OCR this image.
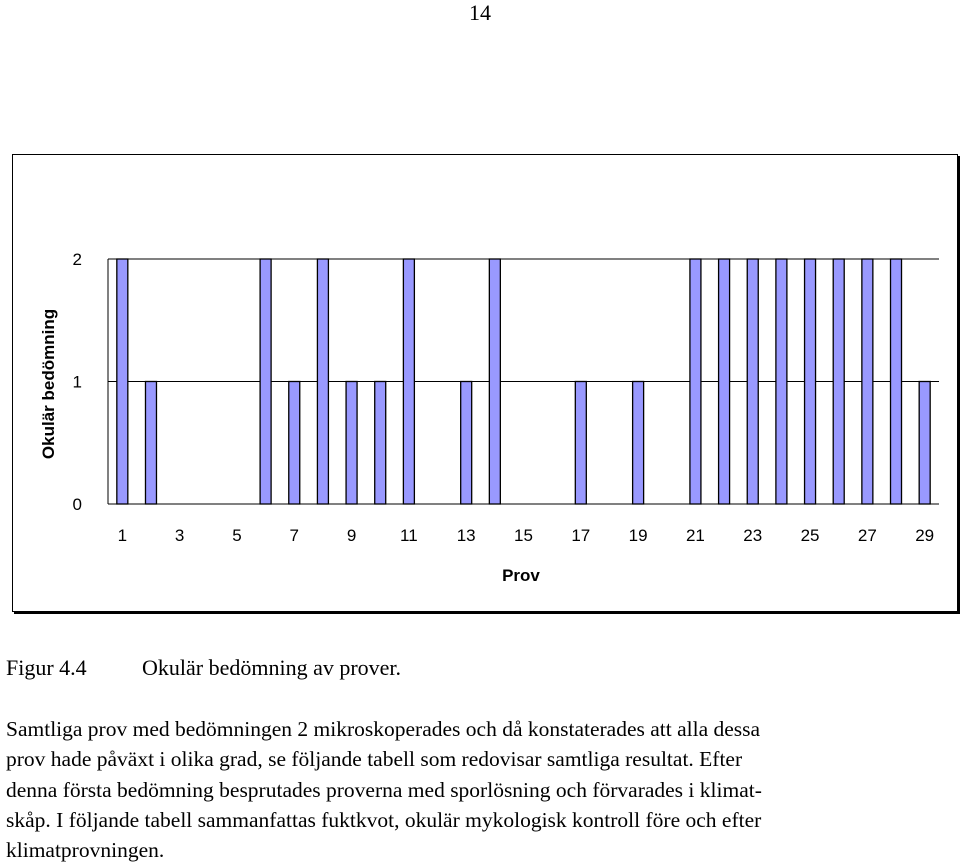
14
0
1
2
1	3	5	7	9	11 13 15 17 19 21 23 25 27 29
Prov
Okulär bedömning
Figur 4.4	Okulär bedömning av prover.

Samtliga prov med bedömningen 2 mikroskoperades och då konstaterades att alla dessa
prov hade påväxt i olika grad, se följande tabell som redovisar samtliga resultat. Efter
denna första bedömning besprutades proverna med sporlösning och förvarades i klimat-
skåp. I följande tabell sammanfattas fuktkvot, okulär mykologisk kontroll före och efter
klimatprovningen.
